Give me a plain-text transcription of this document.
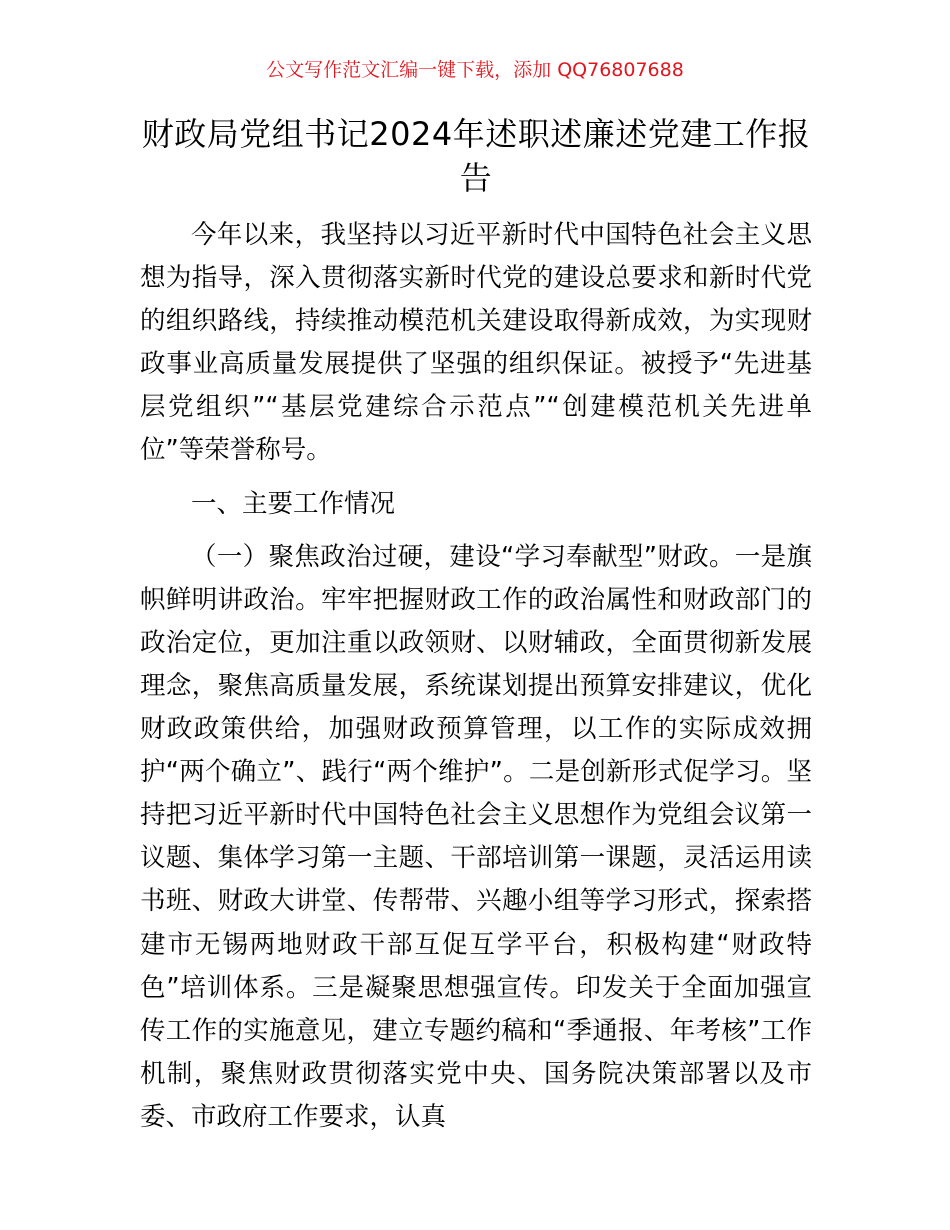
公文写作范文汇编一键下载，添加 QQ76807688
财政局党组书记2024年述职述廉述党建工作报告

今年以来，我坚持以习近平新时代中国特色社会主义思想为指导，深入贯彻落实新时代党的建设总要求和新时代党的组织路线，持续推动模范机关建设取得新成效，为实现财政事业高质量发展提供了坚强的组织保证。被授予“先进基层党组织”“基层党建综合示范点”“创建模范机关先进单位”等荣誉称号。

一、主要工作情况

（一）聚焦政治过硬，建设“学习奉献型”财政。一是旗帜鲜明讲政治。牢牢把握财政工作的政治属性和财政部门的政治定位，更加注重以政领财、以财辅政，全面贯彻新发展理念，聚焦高质量发展，系统谋划提出预算安排建议，优化财政政策供给，加强财政预算管理，以工作的实际成效拥护“两个确立”、践行“两个维护”。二是创新形式促学习。坚持把习近平新时代中国特色社会主义思想作为党组会议第一议题、集体学习第一主题、干部培训第一课题，灵活运用读书班、财政大讲堂、传帮带、兴趣小组等学习形式，探索搭建市无锡两地财政干部互促互学平台，积极构建“财政特色”培训体系。三是凝聚思想强宣传。印发关于全面加强宣传工作的实施意见，建立专题约稿和“季通报、年考核”工作机制，聚焦财政贯彻落实党中央、国务院决策部署以及市委、市政府工作要求，认真
